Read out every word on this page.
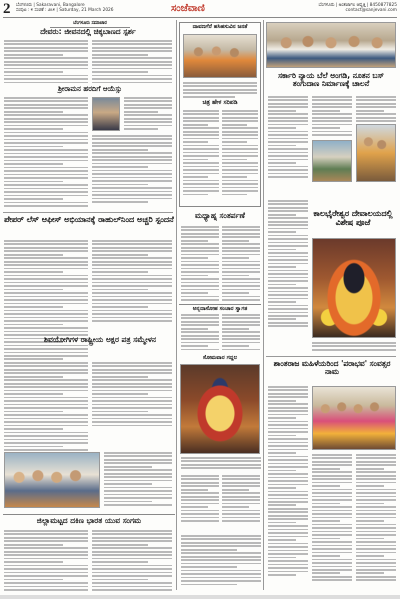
2 ಬೆಂಗಳೂರು | Sakaravani, Bangalore
ಸಂಪುಟ : ೪ ಸಂಚಿಕೆ : ೨೩೪ | Saturday, 21 March 2026	ಸಂಜೆವಾಣಿ	ಬೆಂಗಳೂರು | ಅಂತರ್ಜಾಲ ಆವೃತ್ತಿ | 8450877825
contact@sanjevani.com
ಬೆಂಗಳೂರು ಸಮಾಚಾರ
ದೇವರು: ಜೀವನದಲ್ಲಿ ಚಿಕ್ಕಬಾಣದ ಸ್ಪರ್ಶ
ಶ್ರೀರಾಮನ ಹರದಿಗೆ ಆಯೆಸ್ಸು
ಪೇಪರ್ ಲೆಸ್ ಆಫೀಸ್ ಅಭಿಯಾನಕ್ಕೆ ರಾಹುಲ್‌ನಿಂದ ಅಚ್ಚರಿ ಸ್ಪಂದನೆ
ಶಿವಯೋಗಿಗಳ ರಾಷ್ಟ್ರೀಯ ಅಕ್ಷರ ಪತ್ರ ಸಮ್ಮೇಳನ
ಜಿಲ್ಲಾಮಟ್ಟದ ದಕಿಣ ಭಾರತ ಯುವ ಸಂಗಮ
ದಾವಣಗೆರೆ ಹಸಿಹಸುವಿನ ಜನತೆ
ಚಿತ್ರ ಹೇಳ ಸರಿಪಡಿ
ಮಧ್ಯಾಹ್ನ ಸಂತರ್ಪಣೆ
ಅನ್ನದಾಸೋಹ ಸಂಚಾರ ಸ್ವಾಗತ
ಸೋಮವಾರ ಗದ್ದಲ
ಸರ್ಕಾರಿ ನ್ಯಾಯ ಬೆಲೆ ಅಂಗಡಿ, ನೂತನ ಬಸ್ ತಂಗುದಾಣ ನಿರ್ಮಾಣಕ್ಕೆ ಚಾಲನೆ
ಕಾಲಭೈರೇಶ್ವರ ದೇವಾಲಯದಲ್ಲಿ ವಿಶೇಷ ಪೂಜೆ
ಶಾಂತರಾಜ ಮಹಿಳೆಯರಿಂದ 'ಪರಾಭವ' ಸಂವತ್ಸರ ನಾಮ
